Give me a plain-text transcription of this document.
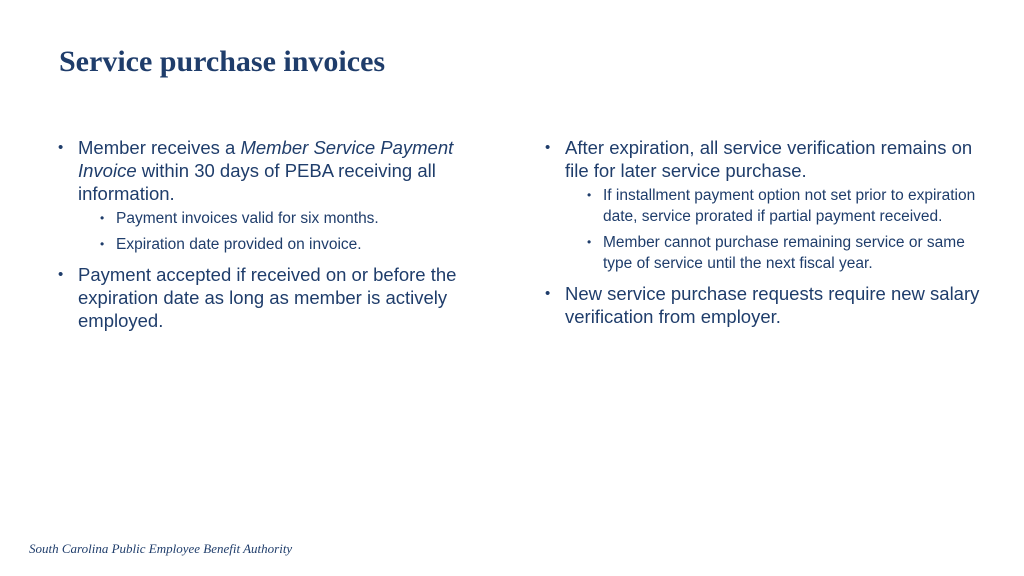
Service purchase invoices
• Member receives a Member Service Payment Invoice within 30 days of PEBA receiving all information.
• Payment invoices valid for six months.
• Expiration date provided on invoice.
• Payment accepted if received on or before the expiration date as long as member is actively employed.
• After expiration, all service verification remains on file for later service purchase.
• If installment payment option not set prior to expiration date, service prorated if partial payment received.
• Member cannot purchase remaining service or same type of service until the next fiscal year.
• New service purchase requests require new salary verification from employer.
South Carolina Public Employee Benefit Authority
